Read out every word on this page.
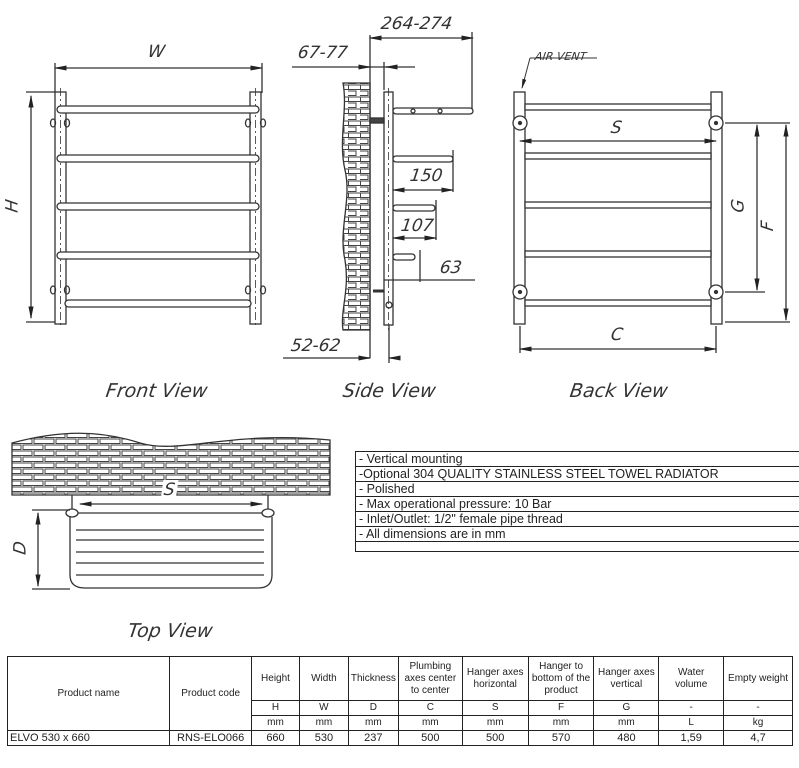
W
H
Front View
264-274
67-77
150
107
63
52-62
Side View
AIR VENT
S
G
F
C
Back View
S
D
Top View
- Vertical mounting
-Optional 304 QUALITY STAINLESS STEEL TOWEL RADIATOR
- Polished
- Max operational pressure: 10 Bar
- Inlet/Outlet: 1/2" female pipe thread
- All dimensions are in mm
Product name	Product code	Height	Width	Thickness	Plumbing axes center to center	Hanger axes horizontal	Hanger to bottom of the product	Hanger axes vertical	Water volume	Empty weight
		H	W	D	C	S	F	G	-	-
		mm	mm	mm	mm	mm	mm	mm	L	kg
ELVO 530 x 660	RNS-ELO066	660	530	237	500	500	570	480	1,59	4,7
